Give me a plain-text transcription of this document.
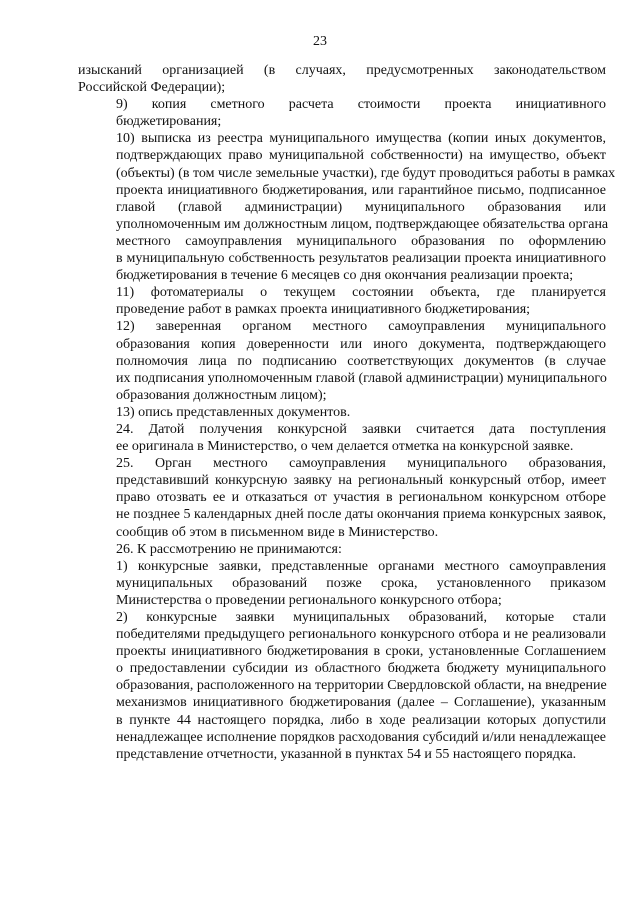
23

изысканий организацией (в случаях, предусмотренных законодательством
Российской Федерации);

9) копия сметного расчета стоимости проекта инициативного
бюджетирования;

10) выписка из реестра муниципального имущества (копии иных документов,
подтверждающих право муниципальной собственности) на имущество, объект
(объекты) (в том числе земельные участки), где будут проводиться работы в рамках
проекта инициативного бюджетирования, или гарантийное письмо, подписанное
главой (главой администрации) муниципального образования или
уполномоченным им должностным лицом, подтверждающее обязательства органа
местного самоуправления муниципального образования по оформлению
в муниципальную собственность результатов реализации проекта инициативного
бюджетирования в течение 6 месяцев со дня окончания реализации проекта;

11) фотоматериалы о текущем состоянии объекта, где планируется
проведение работ в рамках проекта инициативного бюджетирования;

12) заверенная органом местного самоуправления муниципального
образования копия доверенности или иного документа, подтверждающего
полномочия лица по подписанию соответствующих документов (в случае
их подписания уполномоченным главой (главой администрации) муниципального
образования должностным лицом);

13) опись представленных документов.

24. Датой получения конкурсной заявки считается дата поступления
ее оригинала в Министерство, о чем делается отметка на конкурсной заявке.

25. Орган местного самоуправления муниципального образования,
представивший конкурсную заявку на региональный конкурсный отбор, имеет
право отозвать ее и отказаться от участия в региональном конкурсном отборе
не позднее 5 календарных дней после даты окончания приема конкурсных заявок,
сообщив об этом в письменном виде в Министерство.

26. К рассмотрению не принимаются:

1) конкурсные заявки, представленные органами местного самоуправления
муниципальных образований позже срока, установленного приказом
Министерства о проведении регионального конкурсного отбора;

2) конкурсные заявки муниципальных образований, которые стали
победителями предыдущего регионального конкурсного отбора и не реализовали
проекты инициативного бюджетирования в сроки, установленные Соглашением
о предоставлении субсидии из областного бюджета бюджету муниципального
образования, расположенного на территории Свердловской области, на внедрение
механизмов инициативного бюджетирования (далее – Соглашение), указанным
в пункте 44 настоящего порядка, либо в ходе реализации которых допустили
ненадлежащее исполнение порядков расходования субсидий и/или ненадлежащее
представление отчетности, указанной в пунктах 54 и 55 настоящего порядка.
